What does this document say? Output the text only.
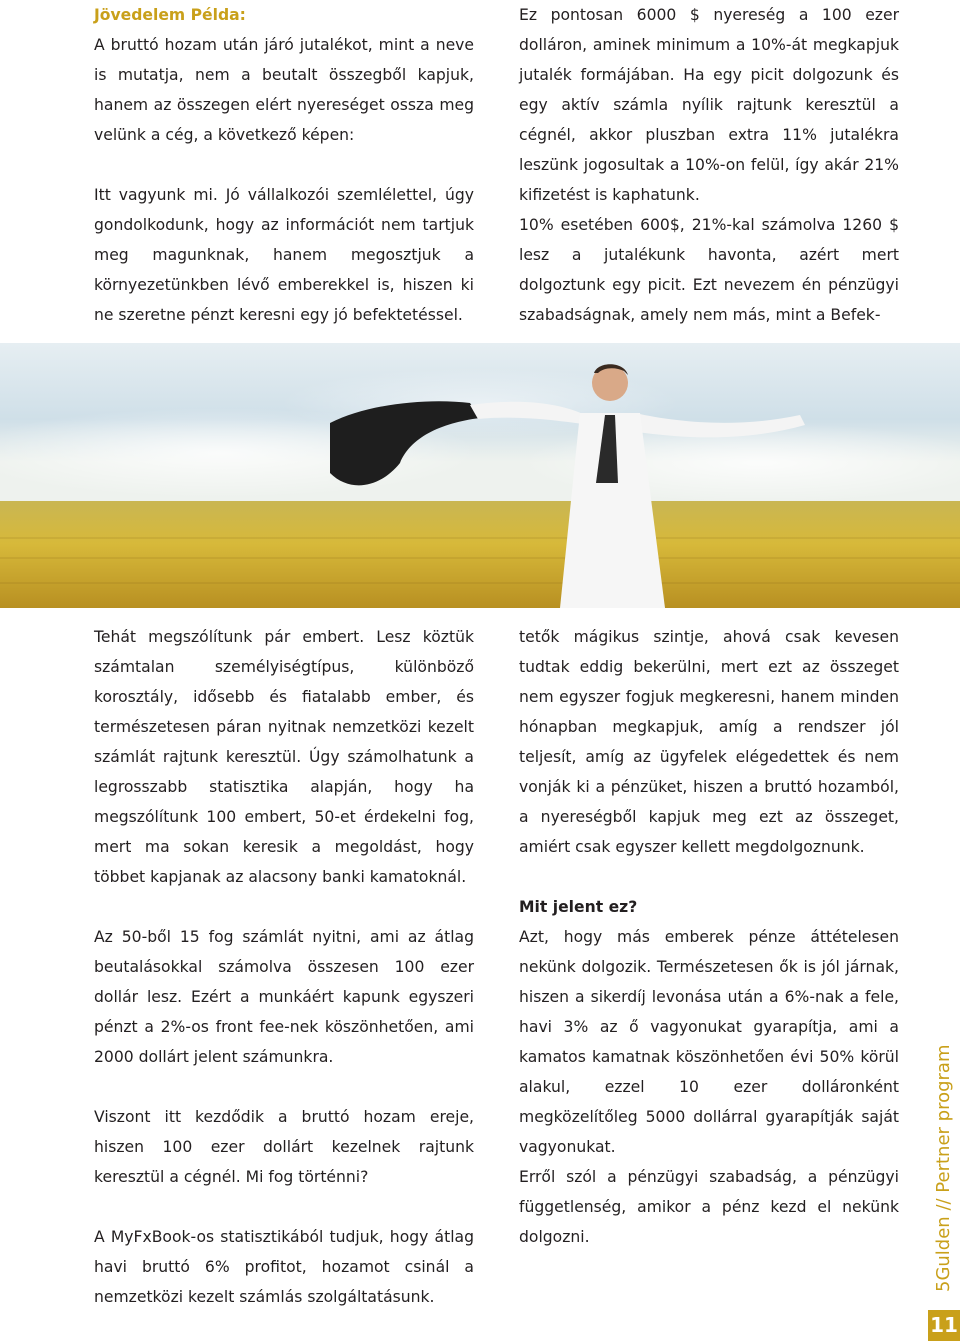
Jövedelem Példa:

A bruttó hozam után járó jutalékot, mint a neve is mutatja, nem a beutalt összegből kapjuk, hanem az összegen elért nyereséget ossza meg velünk a cég, a következő képen:

Itt vagyunk mi. Jó vállalkozói szemlélettel, úgy gondolkodunk, hogy az információt nem tartjuk meg magunknak, hanem megosztjuk a környezetünkben lévő emberekkel is, hiszen ki ne szeretne pénzt keresni egy jó befektetéssel.

Ez pontosan 6000 $ nyereség a 100 ezer dolláron, aminek minimum a 10%-át megkapjuk jutalék formájában. Ha egy picit dolgozunk és egy aktív számla nyílik rajtunk keresztül a cégnél, akkor pluszban extra 11% jutalékra leszünk jogosultak a 10%-on felül, így akár 21% kifizetést is kaphatunk.

10% esetében 600$, 21%-kal számolva 1260 $ lesz a jutalékunk havonta, azért mert dolgoztunk egy picit. Ezt nevezem én pénzügyi szabadságnak, amely nem más, mint a Befek-

Tehát megszólítunk pár embert. Lesz köztük számtalan személyiségtípus, különböző korosztály, idősebb és fiatalabb ember, és természetesen páran nyitnak nemzetközi kezelt számlát rajtunk keresztül. Úgy számolhatunk a legrosszabb statisztika alapján, hogy ha megszólítunk 100 embert, 50-et érdekelni fog, mert ma sokan keresik a megoldást, hogy többet kapjanak az alacsony banki kamatoknál.

Az 50-ből 15 fog számlát nyitni, ami az átlag beutalásokkal számolva összesen 100 ezer dollár lesz. Ezért a munkáért kapunk egyszeri pénzt a 2%-os front fee-nek köszönhetően, ami 2000 dollárt jelent számunkra.

Viszont itt kezdődik a bruttó hozam ereje, hiszen 100 ezer dollárt kezelnek rajtunk keresztül a cégnél. Mi fog történni?

A MyFxBook-os statisztikából tudjuk, hogy átlag havi bruttó 6% profitot, hozamot csinál a nemzetközi kezelt számlás szolgáltatásunk.

tetők mágikus szintje, ahová csak kevesen tudtak eddig bekerülni, mert ezt az összeget nem egyszer fogjuk megkeresni, hanem minden hónapban megkapjuk, amíg a rendszer jól teljesít, amíg az ügyfelek elégedettek és nem vonják ki a pénzüket, hiszen a bruttó hozamból, a nyereségből kapjuk meg ezt az összeget, amiért csak egyszer kellett megdolgoznunk.

Mit jelent ez?

Azt, hogy más emberek pénze áttételesen nekünk dolgozik. Természetesen ők is jól járnak, hiszen a sikerdíj levonása után a 6%-nak a fele, havi 3% az ő vagyonukat gyarapítja, ami a kamatos kamatnak köszönhetően évi 50% körül alakul, ezzel 10 ezer dolláronként megközelítőleg 5000 dollárral gyarapítják saját vagyonukat.

Erről szól a pénzügyi szabadság, a pénzügyi függetlenség, amikor a pénz kezd el nekünk dolgozni.	5Gulden // Pertner program
11
